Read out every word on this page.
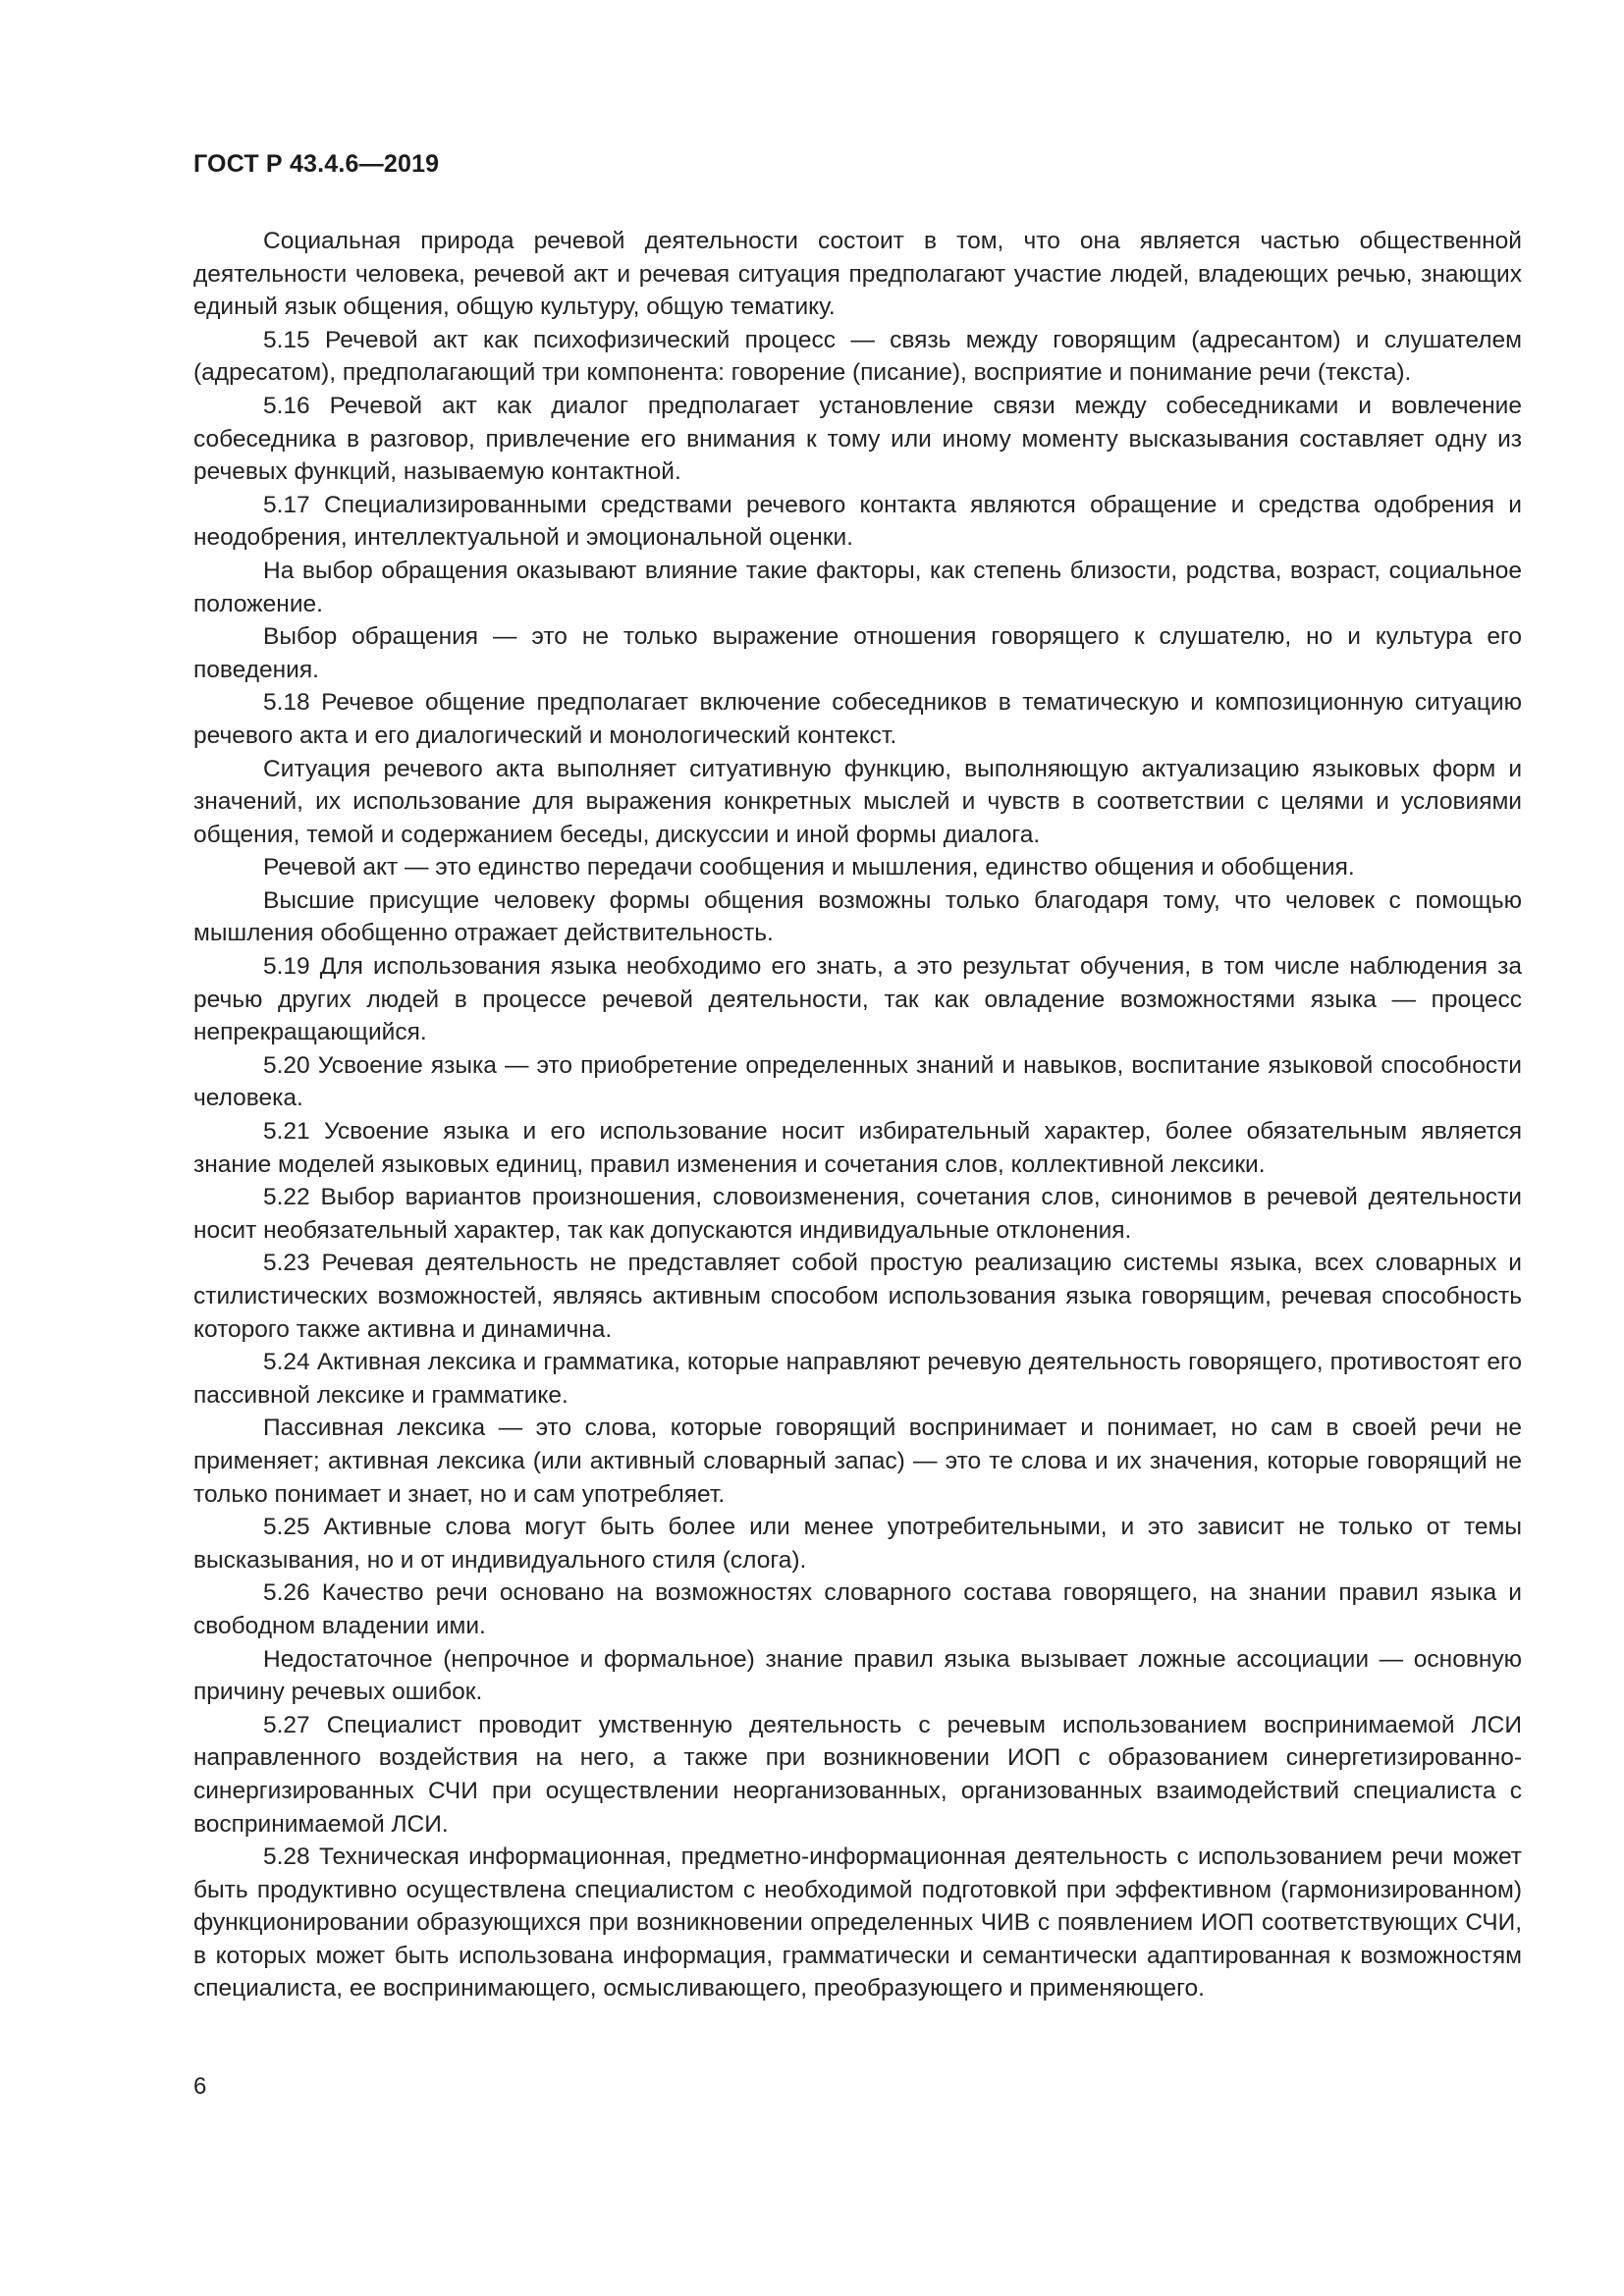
ГОСТ Р 43.4.6—2019

Социальная природа речевой деятельности состоит в том, что она является частью общественной деятельности человека, речевой акт и речевая ситуация предполагают участие людей, владеющих речью, знающих единый язык общения, общую культуру, общую тематику.

5.15 Речевой акт как психофизический процесс — связь между говорящим (адресантом) и слушателем (адресатом), предполагающий три компонента: говорение (писание), восприятие и понимание речи (текста).

5.16 Речевой акт как диалог предполагает установление связи между собеседниками и вовлечение собеседника в разговор, привлечение его внимания к тому или иному моменту высказывания составляет одну из речевых функций, называемую контактной.

5.17 Специализированными средствами речевого контакта являются обращение и средства одобрения и неодобрения, интеллектуальной и эмоциональной оценки.

На выбор обращения оказывают влияние такие факторы, как степень близости, родства, возраст, социальное положение.

Выбор обращения — это не только выражение отношения говорящего к слушателю, но и культура его поведения.

5.18 Речевое общение предполагает включение собеседников в тематическую и композиционную ситуацию речевого акта и его диалогический и монологический контекст.

Ситуация речевого акта выполняет ситуативную функцию, выполняющую актуализацию языковых форм и значений, их использование для выражения конкретных мыслей и чувств в соответствии с целями и условиями общения, темой и содержанием беседы, дискуссии и иной формы диалога.

Речевой акт — это единство передачи сообщения и мышления, единство общения и обобщения.

Высшие присущие человеку формы общения возможны только благодаря тому, что человек с помощью мышления обобщенно отражает действительность.

5.19 Для использования языка необходимо его знать, а это результат обучения, в том числе наблюдения за речью других людей в процессе речевой деятельности, так как овладение возможностями языка — процесс непрекращающийся.

5.20 Усвоение языка — это приобретение определенных знаний и навыков, воспитание языковой способности человека.

5.21 Усвоение языка и его использование носит избирательный характер, более обязательным является знание моделей языковых единиц, правил изменения и сочетания слов, коллективной лексики.

5.22 Выбор вариантов произношения, словоизменения, сочетания слов, синонимов в речевой деятельности носит необязательный характер, так как допускаются индивидуальные отклонения.

5.23 Речевая деятельность не представляет собой простую реализацию системы языка, всех словарных и стилистических возможностей, являясь активным способом использования языка говорящим, речевая способность которого также активна и динамична.

5.24 Активная лексика и грамматика, которые направляют речевую деятельность говорящего, противостоят его пассивной лексике и грамматике.

Пассивная лексика — это слова, которые говорящий воспринимает и понимает, но сам в своей речи не применяет; активная лексика (или активный словарный запас) — это те слова и их значения, которые говорящий не только понимает и знает, но и сам употребляет.

5.25 Активные слова могут быть более или менее употребительными, и это зависит не только от темы высказывания, но и от индивидуального стиля (слога).

5.26 Качество речи основано на возможностях словарного состава говорящего, на знании правил языка и свободном владении ими.

Недостаточное (непрочное и формальное) знание правил языка вызывает ложные ассоциации — основную причину речевых ошибок.

5.27 Специалист проводит умственную деятельность с речевым использованием воспринимаемой ЛСИ направленного воздействия на него, а также при возникновении ИОП с образованием синергетизированно-синергизированных СЧИ при осуществлении неорганизованных, организованных взаимодействий специалиста с воспринимаемой ЛСИ.

5.28 Техническая информационная, предметно-информационная деятельность с использованием речи может быть продуктивно осуществлена специалистом с необходимой подготовкой при эффективном (гармонизированном) функционировании образующихся при возникновении определенных ЧИВ с появлением ИОП соответствующих СЧИ, в которых может быть использована информация, грамматически и семантически адаптированная к возможностям специалиста, ее воспринимающего, осмысливающего, преобразующего и применяющего.

6
